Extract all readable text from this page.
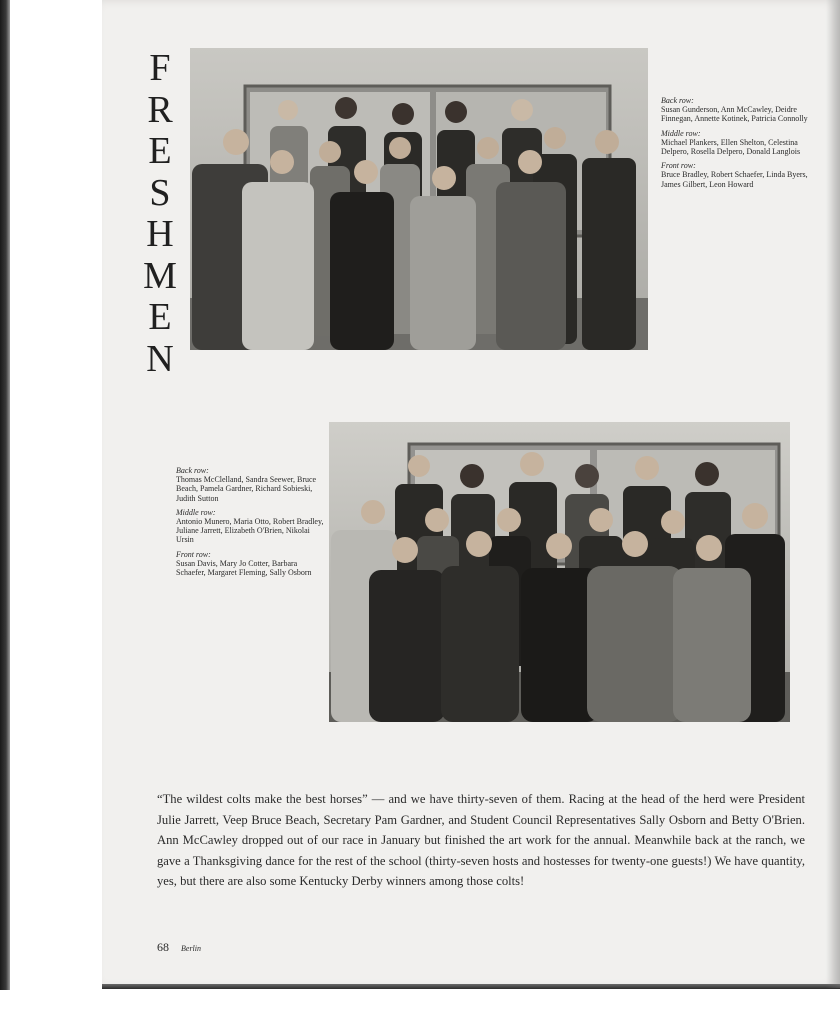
F
R
E
S
H
M
E
N
Back row:
Susan Gunderson, Ann McCawley, Deidre Finnegan, Annette Kotinek, Patricia Connolly
Middle row:
Michael Plankers, Ellen Shelton, Celestina Delpero, Rosella Delpero, Donald Langlois
Front row:
Bruce Bradley, Robert Schaefer, Linda Byers, James Gilbert, Leon Howard
Back row:
Thomas McClelland, Sandra Seewer, Bruce Beach, Pamela Gardner, Richard Sobieski, Judith Sutton
Middle row:
Antonio Munero, Maria Otto, Robert Bradley, Juliane Jarrett, Elizabeth O'Brien, Nikolai Ursin
Front row:
Susan Davis, Mary Jo Cotter, Barbara Schaefer, Margaret Fleming, Sally Osborn
“The wildest colts make the best horses” — and we have thirty-seven of them. Racing at the head of the herd were President Julie Jarrett, Veep Bruce Beach, Secretary Pam Gardner, and Student Council Representatives Sally Osborn and Betty O'Brien. Ann McCawley dropped out of our race in January but finished the art work for the annual. Meanwhile back at the ranch, we gave a Thanksgiving dance for the rest of the school (thirty-seven hosts and hostesses for twenty-one guests!) We have quantity, yes, but there are also some Kentucky Derby winners among those colts!
68 Berlin
